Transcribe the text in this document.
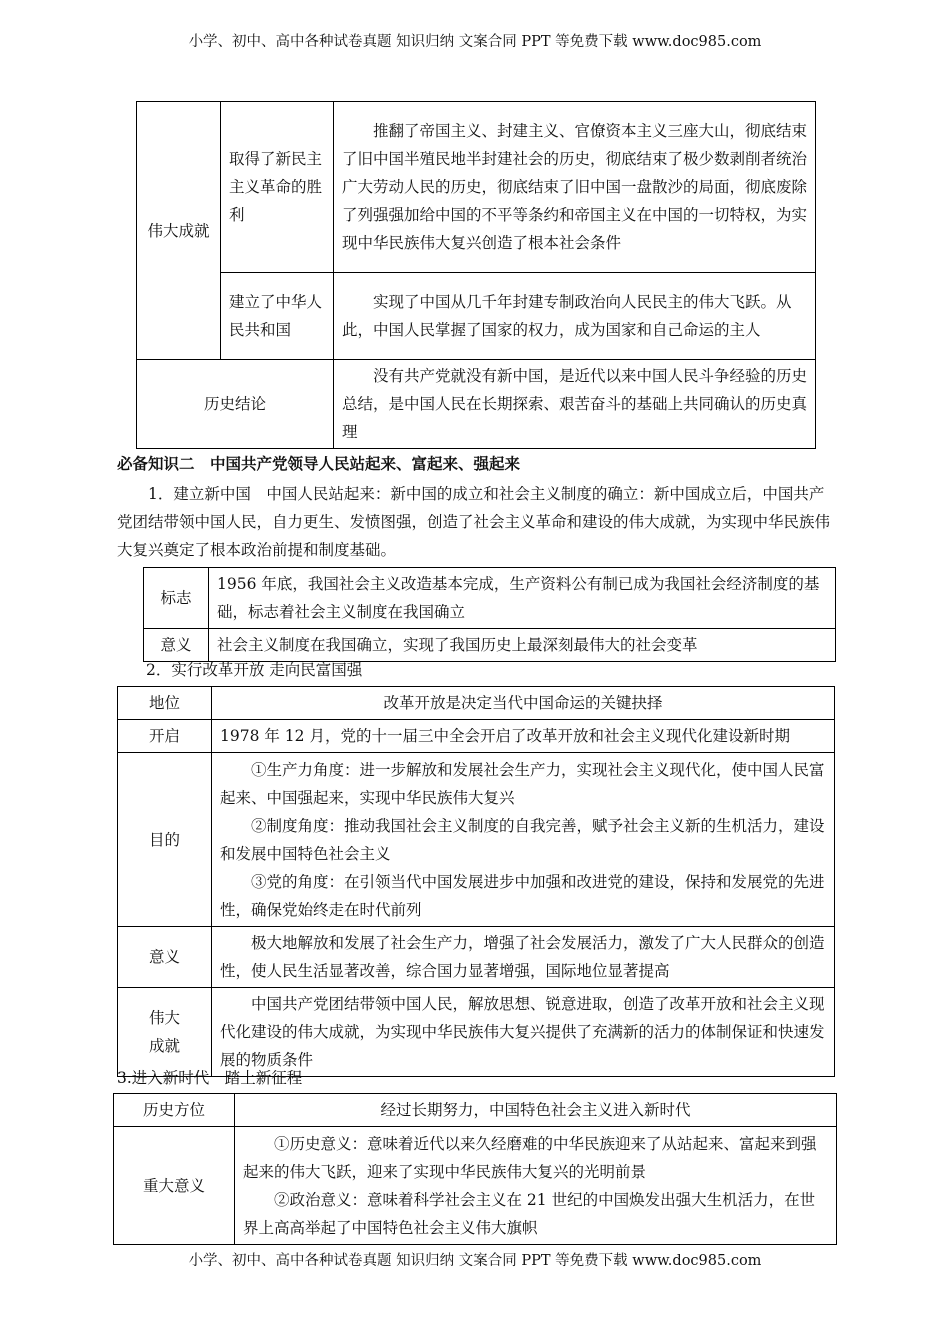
小学、初中、高中各种试卷真题 知识归纳 文案合同 PPT 等免费下载 www.doc985.com
伟大成就	取得了新民主主义革命的胜利	推翻了帝国主义、封建主义、官僚资本主义三座大山，彻底结束了旧中国半殖民地半封建社会的历史，彻底结束了极少数剥削者统治广大劳动人民的历史，彻底结束了旧中国一盘散沙的局面，彻底废除了列强强加给中国的不平等条约和帝国主义在中国的一切特权，为实现中华民族伟大复兴创造了根本社会条件
	建立了中华人民共和国	实现了中国从几千年封建专制政治向人民民主的伟大飞跃。从此，中国人民掌握了国家的权力，成为国家和自己命运的主人
历史结论		没有共产党就没有新中国，是近代以来中国人民斗争经验的历史总结，是中国人民在长期探索、艰苦奋斗的基础上共同确认的历史真理
必备知识二　中国共产党领导人民站起来、富起来、强起来

1．建立新中国　中国人民站起来：新中国的成立和社会主义制度的确立：新中国成立后，中国共产党团结带领中国人民，自力更生、发愤图强，创造了社会主义革命和建设的伟大成就，为实现中华民族伟大复兴奠定了根本政治前提和制度基础。

标志	1956 年底，我国社会主义改造基本完成，生产资料公有制已成为我国社会经济制度的基础，标志着社会主义制度在我国确立
意义	社会主义制度在我国确立，实现了我国历史上最深刻最伟大的社会变革
2．实行改革开放 走向民富国强
地位	改革开放是决定当代中国命运的关键抉择
开启	1978 年 12 月，党的十一届三中全会开启了改革开放和社会主义现代化建设新时期
目的	①生产力角度：进一步解放和发展社会生产力，实现社会主义现代化，使中国人民富起来、中国强起来，实现中华民族伟大复兴

②制度角度：推动我国社会主义制度的自我完善，赋予社会主义新的生机活力，建设和发展中国特色社会主义

③党的角度：在引领当代中国发展进步中加强和改进党的建设，保持和发展党的先进性，确保党始终走在时代前列

意义	极大地解放和发展了社会生产力，增强了社会发展活力，激发了广大人民群众的创造性，使人民生活显著改善，综合国力显著增强，国际地位显著提高
伟大成就	中国共产党团结带领中国人民，解放思想、锐意进取，创造了改革开放和社会主义现代化建设的伟大成就，为实现中华民族伟大复兴提供了充满新的活力的体制保证和快速发展的物质条件
3.进入新时代　踏上新征程
历史方位	经过长期努力，中国特色社会主义进入新时代
重大意义	①历史意义：意味着近代以来久经磨难的中华民族迎来了从站起来、富起来到强起来的伟大飞跃，迎来了实现中华民族伟大复兴的光明前景

②政治意义：意味着科学社会主义在 21 世纪的中国焕发出强大生机活力，在世界上高高举起了中国特色社会主义伟大旗帜

小学、初中、高中各种试卷真题 知识归纳 文案合同 PPT 等免费下载 www.doc985.com
